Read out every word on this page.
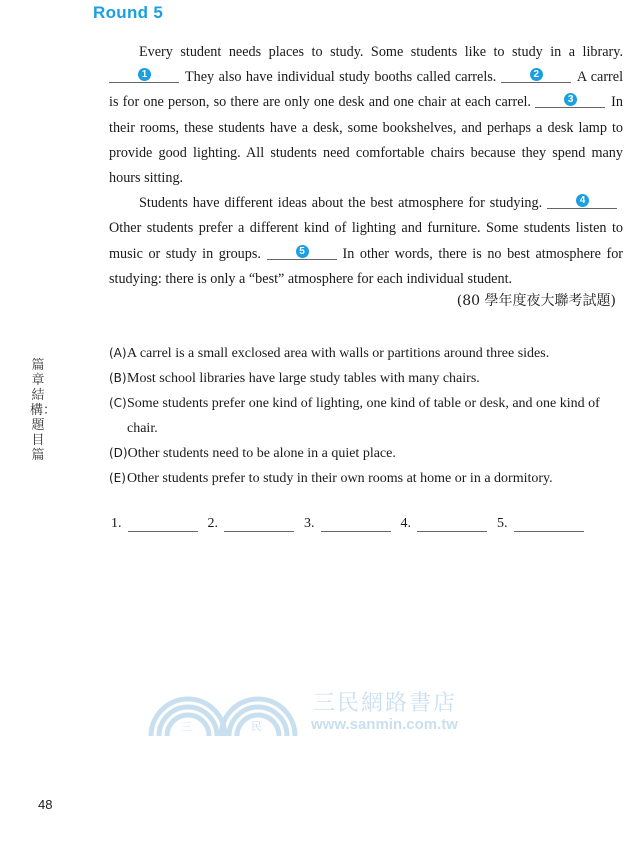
Round 5

Every student needs places to study. Some students like to study in a library.
1	They also have individual study booths called carrels.	2	A carrel is for one person, so there are only one desk and one chair at each carrel.	3	In their rooms, these students have a desk, some bookshelves, and perhaps a desk lamp to provide good lighting. All students need comfortable chairs because they spend many hours sitting.

Students have different ideas about the best atmosphere for studying.	4
Other students prefer a different kind of lighting and furniture. Some students listen to music or study in groups.	5	In other words, there is no best atmosphere for studying: there is only a “best” atmosphere for each individual student.

(80 學年度夜大聯考試題)
篇章結構：題目篇
(A) A carrel is a small exclosed area with walls or partitions around three sides.
(B) Most school libraries have large study tables with many chairs.
(C) Some students prefer one kind of lighting, one kind of table or desk, and one kind of chair.
(D) Other students need to be alone in a quiet place.
(E) Other students prefer to study in their own rooms at home or in a dormitory.
1.	2.	3.	4.	5.
三	民
三民網路書店
www.sanmin.com.tw
48
